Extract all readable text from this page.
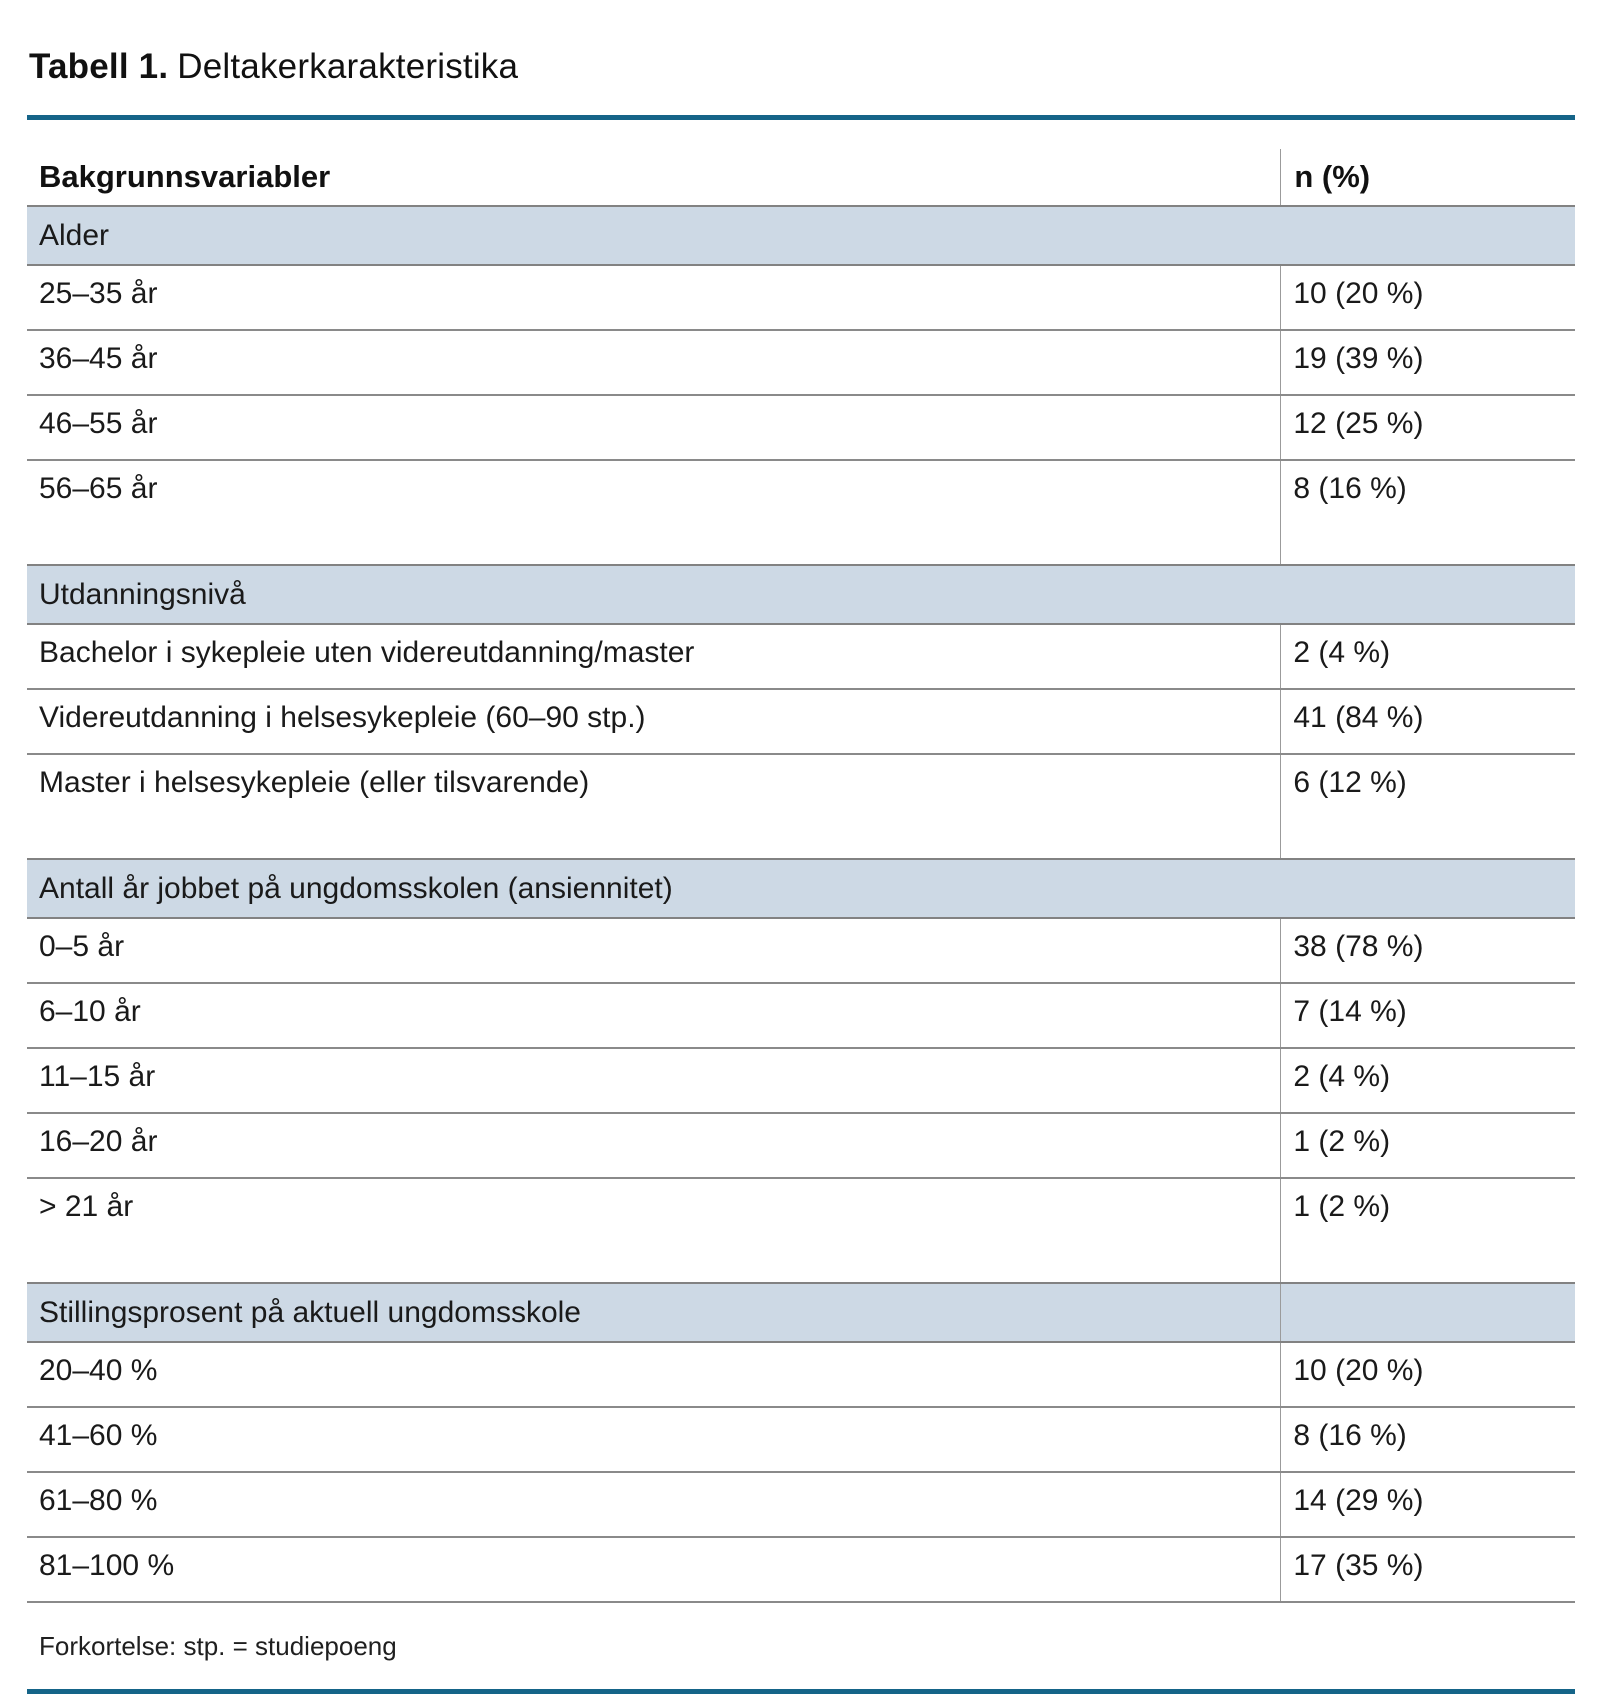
Tabell 1. Deltakerkarakteristika
Bakgrunnsvariabler	n (%)
Alder	
25–35 år	10 (20 %)
36–45 år	19 (39 %)
46–55 år	12 (25 %)
56–65 år	8 (16 %)
Utdanningsnivå	
Bachelor i sykepleie uten videreutdanning/master	2 (4 %)
Videreutdanning i helsesykepleie (60–90 stp.)	41 (84 %)
Master i helsesykepleie (eller tilsvarende)	6 (12 %)
Antall år jobbet på ungdomsskolen (ansiennitet)	
0–5 år	38 (78 %)
6–10 år	7 (14 %)
11–15 år	2 (4 %)
16–20 år	1 (2 %)
> 21 år	1 (2 %)
Stillingsprosent på aktuell ungdomsskole	
20–40 %	10 (20 %)
41–60 %	8 (16 %)
61–80 %	14 (29 %)
81–100 %	17 (35 %)
Forkortelse: stp. = studiepoeng	
